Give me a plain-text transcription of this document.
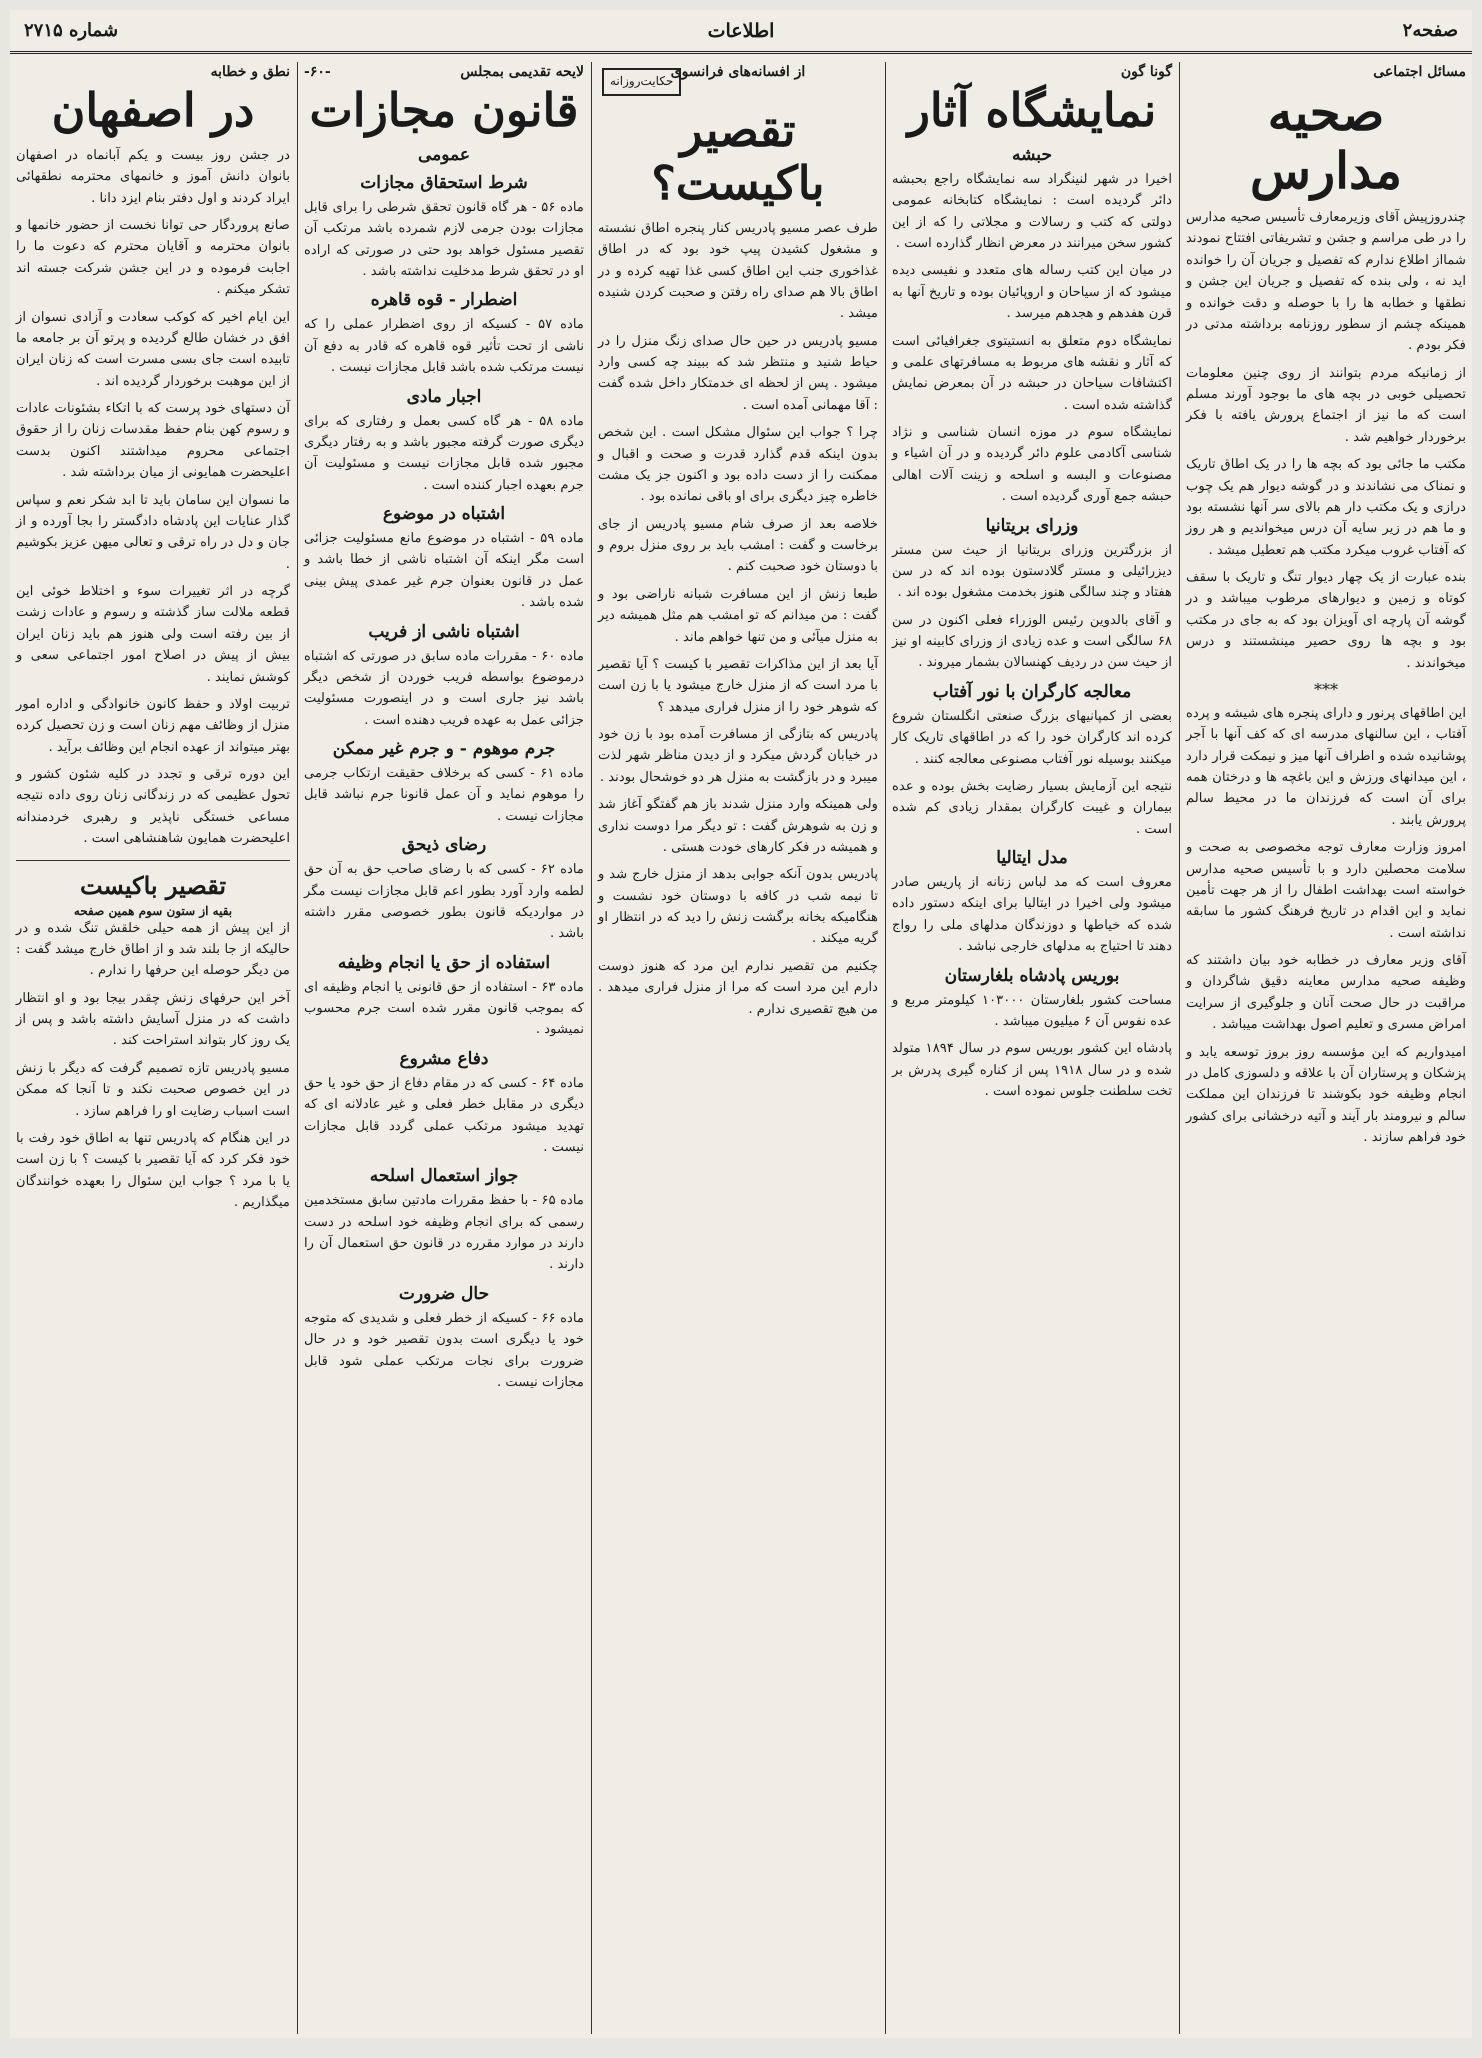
صفحه۲
اطلاعات
شماره ۲۷۱۵
مسائل اجتماعی
صحیه مدارس

چندروزپیش آقای وزیرمعارف تأسیس صحیه مدارس را در طی مراسم و جشن و تشریفاتی افتتاح نمودند شمااز اطلاع ندارم که تفصیل و جریان آن را خوانده اید نه ، ولی بنده که تفصیل و جریان این جشن و نطقها و خطابه ها را با حوصله و دقت خوانده و همینکه چشم از سطور روزنامه برداشته مدتی در فکر بودم .

از زمانیکه مردم بتوانند از روی چنین معلومات تحصیلی خوبی در بچه های ما بوجود آورند مسلم است که ما نیز از اجتماع پرورش یافته با فکر برخوردار خواهیم شد .

مکتب ما جائی بود که بچه ها را در یک اطاق تاریک و نمناک می نشاندند و در گوشه دیوار هم یک چوب درازی و یک مکتب دار هم بالای سر آنها نشسته بود و ما هم در زیر سایه آن درس میخواندیم و هر روز که آفتاب غروب میکرد مکتب هم تعطیل میشد .

بنده عبارت از یک چهار دیوار تنگ و تاریک با سقف کوتاه و زمین و دیوارهای مرطوب میباشد و در گوشه آن پارچه ای آویزان بود که به جای در مکتب بود و بچه ها روی حصیر مینشستند و درس میخواندند .

***

این اطاقهای پرنور و دارای پنجره های شیشه و پرده آفتاب ، این سالنهای مدرسه ای که کف آنها با آجر پوشانیده شده و اطراف آنها میز و نیمکت قرار دارد ، این میدانهای ورزش و این باغچه ها و درختان همه برای آن است که فرزندان ما در محیط سالم پرورش یابند .

امروز وزارت معارف توجه مخصوصی به صحت و سلامت محصلین دارد و با تأسیس صحیه مدارس خواسته است بهداشت اطفال را از هر جهت تأمین نماید و این اقدام در تاریخ فرهنگ کشور ما سابقه نداشته است .

آقای وزیر معارف در خطابه خود بیان داشتند که وظیفه صحیه مدارس معاینه دقیق شاگردان و مراقبت در حال صحت آنان و جلوگیری از سرایت امراض مسری و تعلیم اصول بهداشت میباشد .

امیدواریم که این مؤسسه روز بروز توسعه یابد و پزشکان و پرستاران آن با علاقه و دلسوزی کامل در انجام وظیفه خود بکوشند تا فرزندان این مملکت سالم و نیرومند بار آیند و آتیه درخشانی برای کشور خود فراهم سازند .

گونا گون
نمایشگاه آثار
حبشه

اخیرا در شهر لنینگراد سه نمایشگاه راجع بحبشه دائر گردیده است : نمایشگاه کتابخانه عمومی دولتی که کتب و رسالات و مجلاتی را که از این کشور سخن میرانند در معرض انظار گذارده است .

در میان این کتب رساله های متعدد و نفیسی دیده میشود که از سیاحان و اروپائیان بوده و تاریخ آنها به قرن هفدهم و هجدهم میرسد .

نمایشگاه دوم متعلق به انستیتوی جغرافیائی است که آثار و نقشه های مربوط به مسافرتهای علمی و اکتشافات سیاحان در حبشه در آن بمعرض نمایش گذاشته شده است .

نمایشگاه سوم در موزه انسان شناسی و نژاد شناسی آکادمی علوم دائر گردیده و در آن اشیاء و مصنوعات و البسه و اسلحه و زینت آلات اهالی حبشه جمع آوری گردیده است .

وزرای بریتانیا

از بزرگترین وزرای بریتانیا از حیث سن مستر دیزرائیلی و مستر گلادستون بوده اند که در سن هفتاد و چند سالگی هنوز بخدمت مشغول بوده اند .

و آقای بالدوین رئیس الوزراء فعلی اکنون در سن ۶۸ سالگی است و عده زیادی از وزرای کابینه او نیز از حیث سن در ردیف کهنسالان بشمار میروند .

معالجه کارگران با نور آفتاب

بعضی از کمپانیهای بزرگ صنعتی انگلستان شروع کرده اند کارگران خود را که در اطاقهای تاریک کار میکنند بوسیله نور آفتاب مصنوعی معالجه کنند .

نتیجه این آزمایش بسیار رضایت بخش بوده و عده بیماران و غیبت کارگران بمقدار زیادی کم شده است .

مدل ایتالیا

معروف است که مد لباس زنانه از پاریس صادر میشود ولی اخیرا در ایتالیا برای اینکه دستور داده شده که خیاطها و دوزندگان مدلهای ملی را رواج دهند تا احتیاج به مدلهای خارجی نباشد .

بوریس پادشاه بلغارستان

مساحت کشور بلغارستان ۱۰۳۰۰۰ کیلومتر مربع و عده نفوس آن ۶ میلیون میباشد .

پادشاه این کشور بوریس سوم در سال ۱۸۹۴ متولد شده و در سال ۱۹۱۸ پس از کناره گیری پدرش بر تخت سلطنت جلوس نموده است .

از افسانه‌های فرانسوی
حکایت‌روزانه
تقصیر باکیست؟

طرف عصر مسیو پادریس کنار پنجره اطاق نشسته و مشغول کشیدن پیپ خود بود که در اطاق غذاخوری جنب این اطاق کسی غذا تهیه کرده و در اطاق بالا هم صدای راه رفتن و صحبت کردن شنیده میشد .

مسیو پادریس در حین حال صدای زنگ منزل را در حیاط شنید و منتظر شد که ببیند چه کسی وارد میشود . پس از لحظه ای خدمتکار داخل شده گفت : آقا مهمانی آمده است .

چرا ؟ جواب این سئوال مشکل است . این شخص بدون اینکه قدم گذارد قدرت و صحت و اقبال و ممکنت را از دست داده بود و اکنون جز یک مشت خاطره چیز دیگری برای او باقی نمانده بود .

خلاصه بعد از صرف شام مسیو پادریس از جای برخاست و گفت : امشب باید بر روی منزل بروم و با دوستان خود صحبت کنم .

طبعا زنش از این مسافرت شبانه ناراضی بود و گفت : من میدانم که تو امشب هم مثل همیشه دیر به منزل میآئی و من تنها خواهم ماند .

آیا بعد از این مذاکرات تقصیر با کیست ؟ آیا تقصیر با مرد است که از منزل خارج میشود یا با زن است که شوهر خود را از منزل فراری میدهد ؟

پادریس که بتازگی از مسافرت آمده بود با زن خود در خیابان گردش میکرد و از دیدن مناظر شهر لذت میبرد و در بازگشت به منزل هر دو خوشحال بودند .

ولی همینکه وارد منزل شدند باز هم گفتگو آغاز شد و زن به شوهرش گفت : تو دیگر مرا دوست نداری و همیشه در فکر کارهای خودت هستی .

پادریس بدون آنکه جوابی بدهد از منزل خارج شد و تا نیمه شب در کافه با دوستان خود نشست و هنگامیکه بخانه برگشت زنش را دید که در انتظار او گریه میکند .

چکنیم من تقصیر ندارم این مرد که هنوز دوست دارم این مرد است که مرا از منزل فراری میدهد . من هیچ تقصیری ندارم .

لایحه تقدیمی بمجلس
-۶۰-
قانون مجازات
عمومی
شرط استحقاق مجازات

ماده ۵۶ - هر گاه قانون تحقق شرطی را برای قابل مجازات بودن جرمی لازم شمرده باشد مرتکب آن تقصیر مسئول خواهد بود حتی در صورتی که اراده او در تحقق شرط مدخلیت نداشته باشد .

اضطرار - قوه قاهره

ماده ۵۷ - کسیکه از روی اضطرار عملی را که ناشی از تحت تأثیر قوه قاهره که قادر به دفع آن نیست مرتکب شده باشد قابل مجازات نیست .

اجبار مادی

ماده ۵۸ - هر گاه کسی بعمل و رفتاری که برای دیگری صورت گرفته مجبور باشد و به رفتار دیگری مجبور شده قابل مجازات نیست و مسئولیت آن جرم بعهده اجبار کننده است .

اشتباه در موضوع

ماده ۵۹ - اشتباه در موضوع مانع مسئولیت جزائی است مگر اینکه آن اشتباه ناشی از خطا باشد و عمل در قانون بعنوان جرم غیر عمدی پیش بینی شده باشد .

اشتباه ناشی از فریب

ماده ۶۰ - مقررات ماده سابق در صورتی که اشتباه درموضوع بواسطه فریب خوردن از شخص دیگر باشد نیز جاری است و در اینصورت مسئولیت جزائی عمل به عهده فریب دهنده است .

جرم موهوم - و جرم غیر ممکن

ماده ۶۱ - کسی که برخلاف حقیقت ارتکاب جرمی را موهوم نماید و آن عمل قانونا جرم نباشد قابل مجازات نیست .

رضای ذیحق

ماده ۶۲ - کسی که با رضای صاحب حق به آن حق لطمه وارد آورد بطور اعم قابل مجازات نیست مگر در مواردیکه قانون بطور خصوصی مقرر داشته باشد .

استفاده از حق یا انجام وظیفه

ماده ۶۳ - استفاده از حق قانونی یا انجام وظیفه ای که بموجب قانون مقرر شده است جرم محسوب نمیشود .

دفاع مشروع

ماده ۶۴ - کسی که در مقام دفاع از حق خود یا حق دیگری در مقابل خطر فعلی و غیر عادلانه ای که تهدید میشود مرتکب عملی گردد قابل مجازات نیست .

جواز استعمال اسلحه

ماده ۶۵ - با حفظ مقررات مادتین سابق مستخدمین رسمی که برای انجام وظیفه خود اسلحه در دست دارند در موارد مقرره در قانون حق استعمال آن را دارند .

حال ضرورت

ماده ۶۶ - کسیکه از خطر فعلی و شدیدی که متوجه خود یا دیگری است بدون تقصیر خود و در حال ضرورت برای نجات مرتکب عملی شود قابل مجازات نیست .

نطق و خطابه
در اصفهان

در جشن روز بیست و یکم آبانماه در اصفهان بانوان دانش آموز و خانمهای محترمه نطقهائی ایراد کردند و اول دفتر بنام ایزد دانا .

صانع پروردگار حی توانا نخست از حضور خانمها و بانوان محترمه و آقایان محترم که دعوت ما را اجابت فرموده و در این جشن شرکت جسته اند تشکر میکنم .

این ایام اخیر که کوکب سعادت و آزادی نسوان از افق در خشان طالع گردیده و پرتو آن بر جامعه ما تابیده است جای بسی مسرت است که زنان ایران از این موهبت برخوردار گردیده اند .

آن دستهای خود پرست که با اتکاء بشئونات عادات و رسوم کهن بنام حفظ مقدسات زنان را از حقوق اجتماعی محروم میداشتند اکنون بدست اعلیحضرت همایونی از میان برداشته شد .

ما نسوان این سامان باید تا ابد شکر نعم و سپاس گذار عنایات این پادشاه دادگستر را بجا آورده و از جان و دل در راه ترقی و تعالی میهن عزیز بکوشیم .

گرچه در اثر تغییرات سوء و اختلاط خوئی این قطعه ملالت ساز گذشته و رسوم و عادات زشت از بین رفته است ولی هنوز هم باید زنان ایران بیش از پیش در اصلاح امور اجتماعی سعی و کوشش نمایند .

تربیت اولاد و حفظ کانون خانوادگی و اداره امور منزل از وظائف مهم زنان است و زن تحصیل کرده بهتر میتواند از عهده انجام این وظائف برآید .

این دوره ترقی و تجدد در کلیه شئون کشور و تحول عظیمی که در زندگانی زنان روی داده نتیجه مساعی خستگی ناپذیر و رهبری خردمندانه اعلیحضرت همایون شاهنشاهی است .

تقصیر باکیست
بقیه از ستون سوم همین صفحه

از این پیش از همه حیلی خلقش تنگ شده و در حالیکه از جا بلند شد و از اطاق خارج میشد گفت : من دیگر حوصله این حرفها را ندارم .

آخر این حرفهای زنش چقدر بیجا بود و او انتظار داشت که در منزل آسایش داشته باشد و پس از یک روز کار بتواند استراحت کند .

مسیو پادریس تازه تصمیم گرفت که دیگر با زنش در این خصوص صحبت نکند و تا آنجا که ممکن است اسباب رضایت او را فراهم سازد .

در این هنگام که پادریس تنها به اطاق خود رفت با خود فکر کرد که آیا تقصیر با کیست ؟ با زن است یا با مرد ؟ جواب این سئوال را بعهده خوانندگان میگذاریم .
